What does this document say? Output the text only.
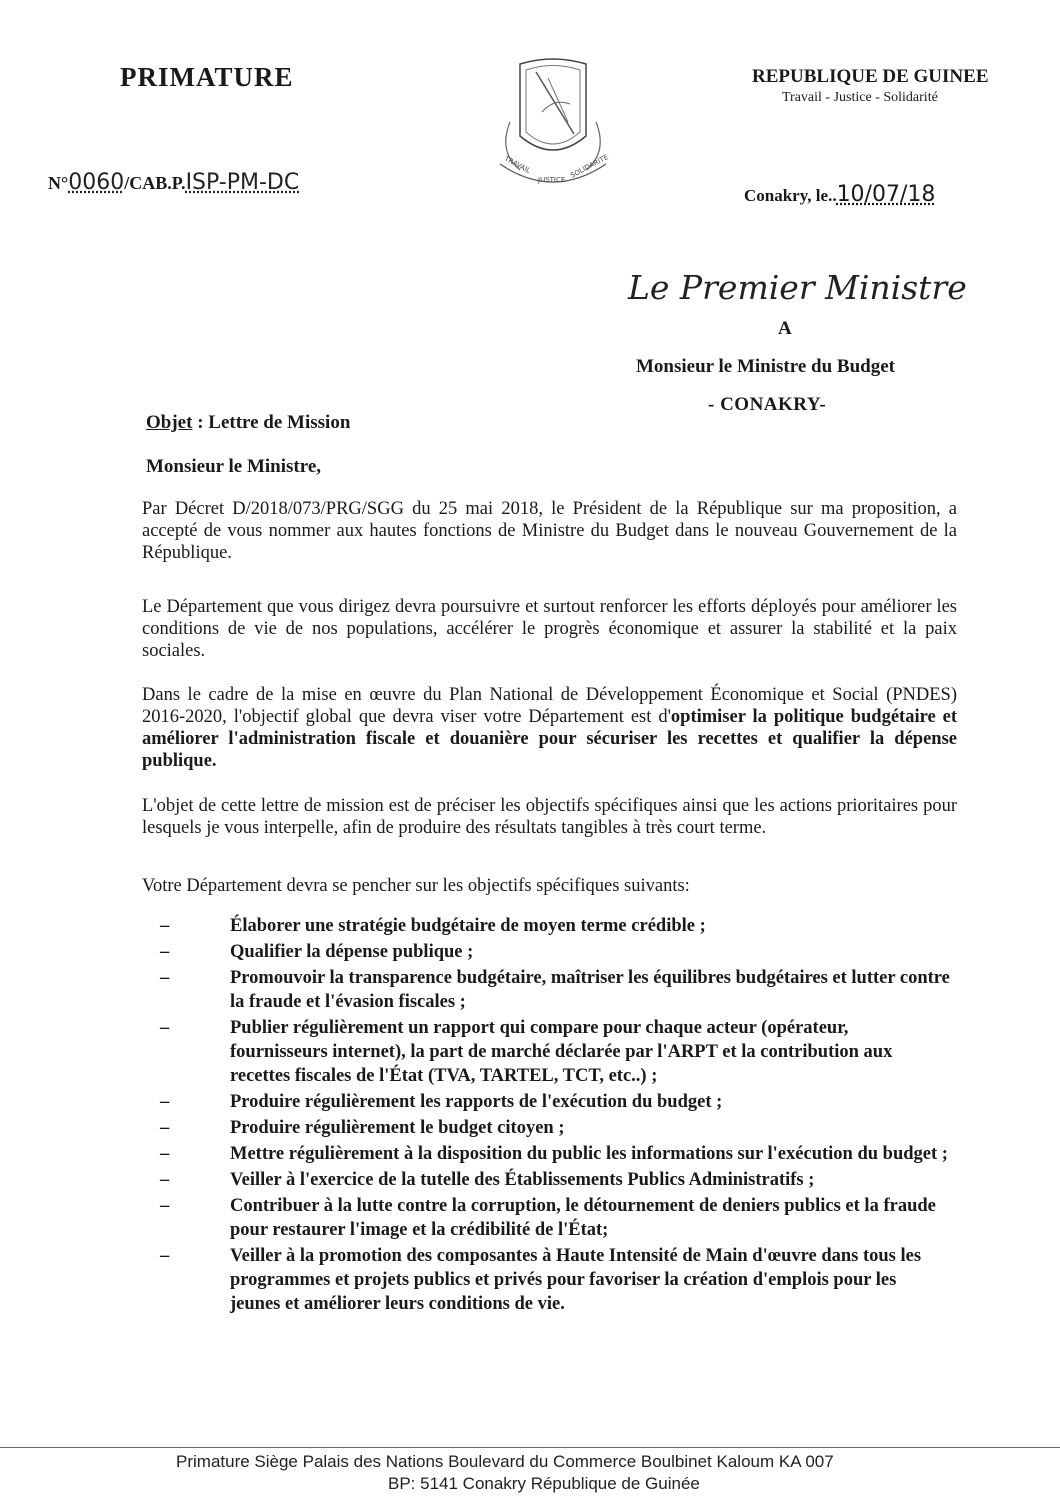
PRIMATURE
TRAVAIL
JUSTICE
SOLIDARITE
REPUBLIQUE DE GUINEE
Travail - Justice - Solidarité
N°0060/CAB.P.ISP-PM-DC
Conakry, le..10/07/18
Le Premier Ministre
A
Monsieur le Ministre du Budget
- CONAKRY-
Objet : Lettre de Mission
Monsieur le Ministre,
Par Décret D/2018/073/PRG/SGG du 25 mai 2018, le Président de la République sur ma proposition, a accepté de vous nommer aux hautes fonctions de Ministre du Budget dans le nouveau Gouvernement de la République.
Le Département que vous dirigez devra poursuivre et surtout renforcer les efforts déployés pour améliorer les conditions de vie de nos populations, accélérer le progrès économique et assurer la stabilité et la paix sociales.
Dans le cadre de la mise en œuvre du Plan National de Développement Économique et Social (PNDES) 2016-2020, l'objectif global que devra viser votre Département est d'optimiser la politique budgétaire et améliorer l'administration fiscale et douanière pour sécuriser les recettes et qualifier la dépense publique.
L'objet de cette lettre de mission est de préciser les objectifs spécifiques ainsi que les actions prioritaires pour lesquels je vous interpelle, afin de produire des résultats tangibles à très court terme.
Votre Département devra se pencher sur les objectifs spécifiques suivants:
–	Élaborer une stratégie budgétaire de moyen terme crédible ;
–	Qualifier la dépense publique ;
–	Promouvoir la transparence budgétaire, maîtriser les équilibres budgétaires et lutter contre la fraude et l'évasion fiscales ;
–	Publier régulièrement un rapport qui compare pour chaque acteur (opérateur, fournisseurs internet), la part de marché déclarée par l'ARPT et la contribution aux recettes fiscales de l'État (TVA, TARTEL, TCT, etc..) ;
–	Produire régulièrement les rapports de l'exécution du budget ;
–	Produire régulièrement le budget citoyen ;
–	Mettre régulièrement à la disposition du public les informations sur l'exécution du budget ;
–	Veiller à l'exercice de la tutelle des Établissements Publics Administratifs ;
–	Contribuer à la lutte contre la corruption, le détournement de deniers publics et la fraude pour restaurer l'image et la crédibilité de l'État;
–	Veiller à la promotion des composantes à Haute Intensité de Main d'œuvre dans tous les programmes et projets publics et privés pour favoriser la création d'emplois pour les jeunes et améliorer leurs conditions de vie.
Primature Siège Palais des Nations Boulevard du Commerce Boulbinet Kaloum KA 007
BP: 5141 Conakry République de Guinée
